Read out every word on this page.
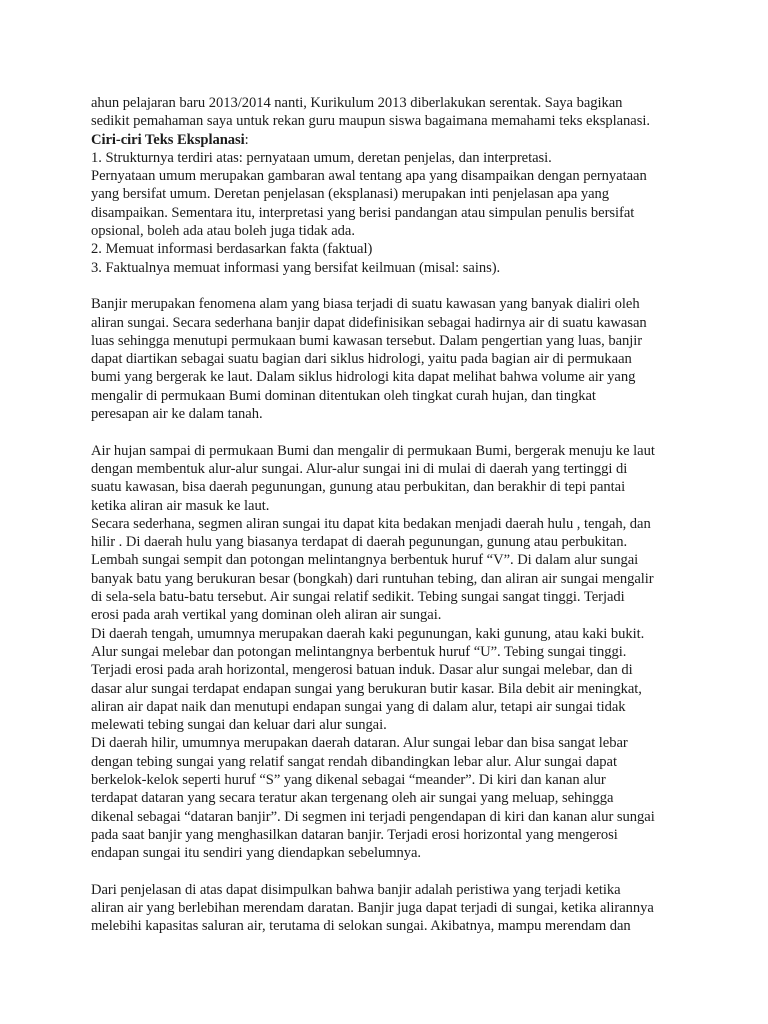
ahun pelajaran baru 2013/2014 nanti, Kurikulum 2013 diberlakukan serentak. Saya bagikan
sedikit pemahaman saya untuk rekan guru maupun siswa bagaimana memahami teks eksplanasi.
Ciri-ciri Teks Eksplanasi:
1. Strukturnya terdiri atas: pernyataan umum, deretan penjelas, dan interpretasi.
Pernyataan umum merupakan gambaran awal tentang apa yang disampaikan dengan pernyataan
yang bersifat umum. Deretan penjelasan (eksplanasi) merupakan inti penjelasan apa yang
disampaikan. Sementara itu, interpretasi yang berisi pandangan atau simpulan penulis bersifat
opsional, boleh ada atau boleh juga tidak ada.
2. Memuat informasi berdasarkan fakta (faktual)
3. Faktualnya memuat informasi yang bersifat keilmuan (misal: sains).
Banjir merupakan fenomena alam yang biasa terjadi di suatu kawasan yang banyak dialiri oleh
aliran sungai. Secara sederhana banjir dapat didefinisikan sebagai hadirnya air di suatu kawasan
luas sehingga menutupi permukaan bumi kawasan tersebut. Dalam pengertian yang luas, banjir
dapat diartikan sebagai suatu bagian dari siklus hidrologi, yaitu pada bagian air di permukaan
bumi yang bergerak ke laut. Dalam siklus hidrologi kita dapat melihat bahwa volume air yang
mengalir di permukaan Bumi dominan ditentukan oleh tingkat curah hujan, dan tingkat
peresapan air ke dalam tanah.
Air hujan sampai di permukaan Bumi dan mengalir di permukaan Bumi, bergerak menuju ke laut
dengan membentuk alur-alur sungai. Alur-alur sungai ini di mulai di daerah yang tertinggi di
suatu kawasan, bisa daerah pegunungan, gunung atau perbukitan, dan berakhir di tepi pantai
ketika aliran air masuk ke laut.
Secara sederhana, segmen aliran sungai itu dapat kita bedakan menjadi daerah hulu , tengah, dan
hilir . Di daerah hulu yang biasanya terdapat di daerah pegunungan, gunung atau perbukitan.
Lembah sungai sempit dan potongan melintangnya berbentuk huruf “V”. Di dalam alur sungai
banyak batu yang berukuran besar (bongkah) dari runtuhan tebing, dan aliran air sungai mengalir
di sela-sela batu-batu tersebut. Air sungai relatif sedikit. Tebing sungai sangat tinggi. Terjadi
erosi pada arah vertikal yang dominan oleh aliran air sungai.
Di daerah tengah, umumnya merupakan daerah kaki pegunungan, kaki gunung, atau kaki bukit.
Alur sungai melebar dan potongan melintangnya berbentuk huruf “U”. Tebing sungai tinggi.
Terjadi erosi pada arah horizontal, mengerosi batuan induk. Dasar alur sungai melebar, dan di
dasar alur sungai terdapat endapan sungai yang berukuran butir kasar. Bila debit air meningkat,
aliran air dapat naik dan menutupi endapan sungai yang di dalam alur, tetapi air sungai tidak
melewati tebing sungai dan keluar dari alur sungai.
Di daerah hilir, umumnya merupakan daerah dataran. Alur sungai lebar dan bisa sangat lebar
dengan tebing sungai yang relatif sangat rendah dibandingkan lebar alur. Alur sungai dapat
berkelok-kelok seperti huruf “S” yang dikenal sebagai “meander”. Di kiri dan kanan alur
terdapat dataran yang secara teratur akan tergenang oleh air sungai yang meluap, sehingga
dikenal sebagai “dataran banjir”. Di segmen ini terjadi pengendapan di kiri dan kanan alur sungai
pada saat banjir yang menghasilkan dataran banjir. Terjadi erosi horizontal yang mengerosi
endapan sungai itu sendiri yang diendapkan sebelumnya.
Dari penjelasan di atas dapat disimpulkan bahwa banjir adalah peristiwa yang terjadi ketika
aliran air yang berlebihan merendam daratan. Banjir juga dapat terjadi di sungai, ketika alirannya
melebihi kapasitas saluran air, terutama di selokan sungai. Akibatnya, mampu merendam dan
